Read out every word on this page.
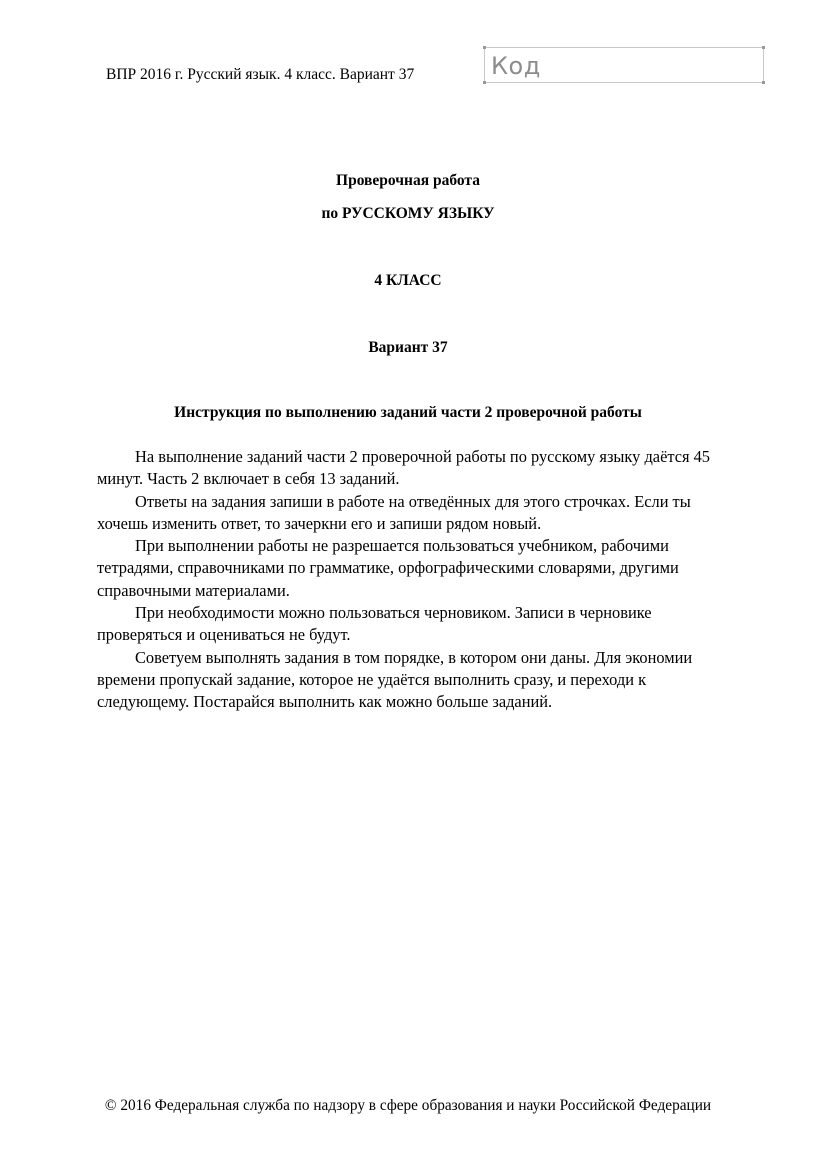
ВПР 2016 г. Русский язык. 4 класс. Вариант 37	Код
Проверочная работа
по РУССКОМУ ЯЗЫКУ
4 КЛАСС
Вариант 37
Инструкция по выполнению заданий части 2 проверочной работы

На выполнение заданий части 2 проверочной работы по русскому языку даётся 45 минут. Часть 2 включает в себя 13 заданий.

Ответы на задания запиши в работе на отведённых для этого строчках. Если ты хочешь изменить ответ, то зачеркни его и запиши рядом новый.

При выполнении работы не разрешается пользоваться учебником, рабочими тетрадями, справочниками по грамматике, орфографическими словарями, другими справочными материалами.

При необходимости можно пользоваться черновиком. Записи в черновике проверяться и оцениваться не будут.

Советуем выполнять задания в том порядке, в котором они даны. Для экономии времени пропускай задание, которое не удаётся выполнить сразу, и переходи к следующему. Постарайся выполнить как можно больше заданий.

© 2016 Федеральная служба по надзору в сфере образования и науки Российской Федерации
